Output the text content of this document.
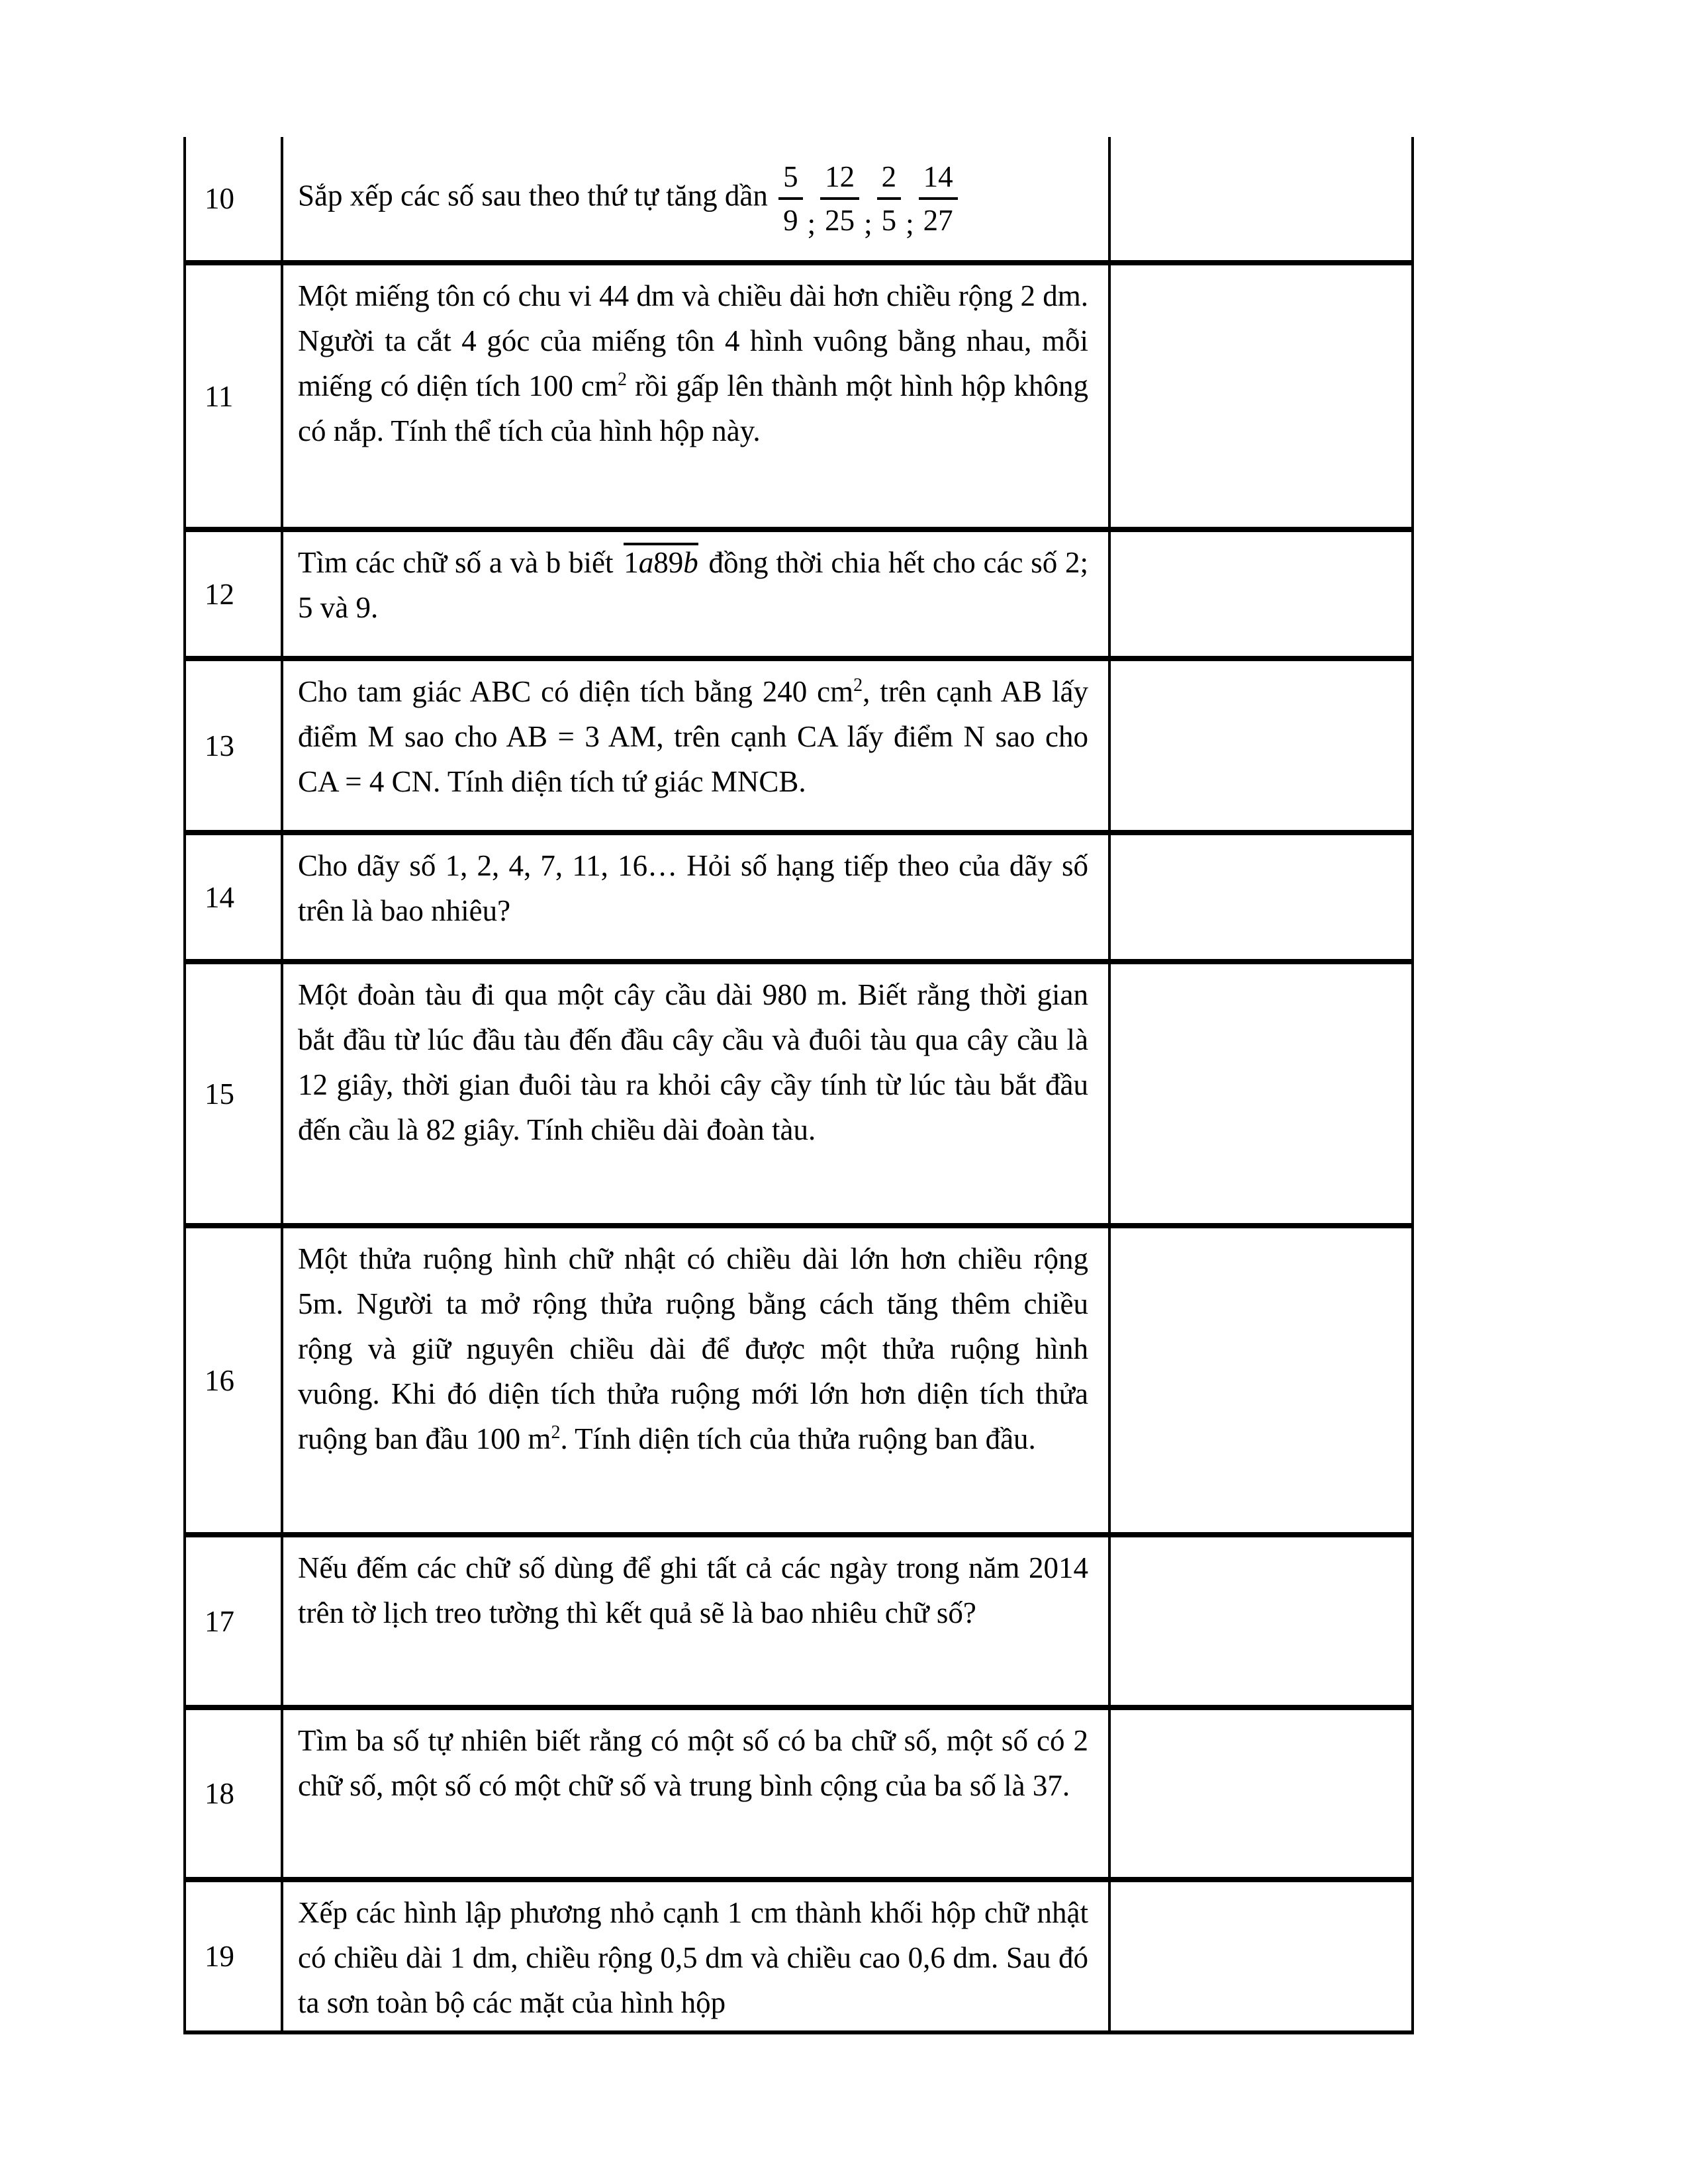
10 Sắp xếp các số sau theo thứ tự tăng dần $\frac{5}{9}$ ; $\frac{12}{25}$ ; $\frac{2}{5}$ ; $\frac{14}{27}$

11

Một miếng tôn có chu vi 44 dm và chiều dài hơn chiều rộng 2 dm. Người ta cắt 4 góc của miếng tôn 4 hình vuông bằng nhau, mỗi miếng có diện tích 100 $cm^2$ rồi gấp lên thành một hình hộp không có nắp. Tính thể tích của hình hộp này.

12

Tìm các chữ số a và b biết 1a89b đồng thời chia hết cho các số 2; 5 và 9.

13

Cho tam giác ABC có diện tích bằng 240 $cm^2$, trên cạnh AB lấy điểm M sao cho AB = 3 AM, trên cạnh CA lấy điểm N sao cho CA = 4 CN. Tính diện tích tứ giác MNCB.

14

Cho dãy số 1, 2, 4, 7, 11, 16… Hỏi số hạng tiếp theo của dãy số trên là bao nhiêu?

15

Một đoàn tàu đi qua một cây cầu dài 980 m. Biết rằng thời gian bắt đầu từ lúc đầu tàu đến đầu cây cầu và đuôi tàu qua cây cầu là 12 giây, thời gian đuôi tàu ra khỏi cây cầy tính từ lúc tàu bắt đầu đến cầu là 82 giây. Tính chiều dài đoàn tàu.

16

Một thửa ruộng hình chữ nhật có chiều dài lớn hơn chiều rộng 5m. Người ta mở rộng thửa ruộng bằng cách tăng thêm chiều rộng và giữ nguyên chiều dài để được một thửa ruộng hình vuông. Khi đó diện tích thửa ruộng mới lớn hơn diện tích thửa ruộng ban đầu 100 $m^2$. Tính diện tích của thửa ruộng ban đầu.

17

Nếu đếm các chữ số dùng để ghi tất cả các ngày trong năm 2014 trên tờ lịch treo tường thì kết quả sẽ là bao nhiêu chữ số?

18

Tìm ba số tự nhiên biết rằng có một số có ba chữ số, một số có 2 chữ số, một số có một chữ số và trung bình cộng của ba số là 37.

19

Xếp các hình lập phương nhỏ cạnh 1 cm thành khối hộp chữ nhật có chiều dài 1 dm, chiều rộng 0,5 dm và chiều cao 0,6 dm. Sau đó ta sơn toàn bộ các mặt của hình hộp
